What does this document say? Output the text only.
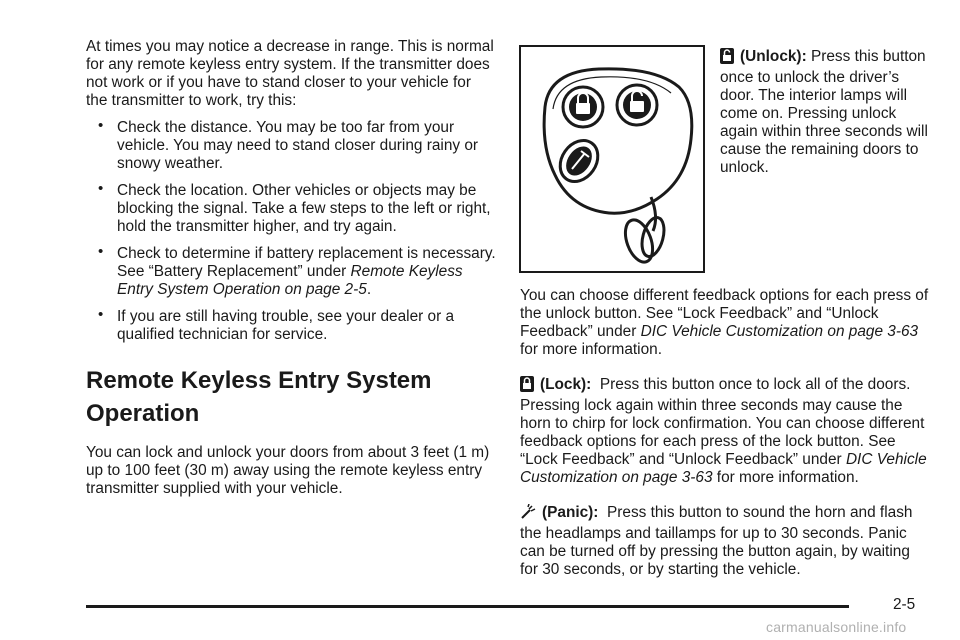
At times you may notice a decrease in range. This is normal for any remote keyless entry system. If the transmitter does not work or if you have to stand closer to your vehicle for the transmitter to work, try this:

• Check the distance. You may be too far from your vehicle. You may need to stand closer during rainy or snowy weather.
• Check the location. Other vehicles or objects may be blocking the signal. Take a few steps to the left or right, hold the transmitter higher, and try again.
• Check to determine if battery replacement is necessary. See “Battery Replacement” under Remote Keyless Entry System Operation on page 2-5.
• If you are still having trouble, see your dealer or a qualified technician for service.
Remote Keyless Entry System Operation

You can lock and unlock your doors from about 3 feet (1 m) up to 100 feet (30 m) away using the remote keyless entry transmitter supplied with your vehicle.

(Unlock): Press this button once to unlock the driver’s door. The interior lamps will come on. Pressing unlock again within three seconds will cause the remaining doors to unlock.

You can choose different feedback options for each press of the unlock button. See “Lock Feedback” and “Unlock Feedback” under DIC Vehicle Customization on page 3-63 for more information.

(Lock): Press this button once to lock all of the doors. Pressing lock again within three seconds may cause the horn to chirp for lock confirmation. You can choose different feedback options for each press of the lock button. See “Lock Feedback” and “Unlock Feedback” under DIC Vehicle Customization on page 3-63 for more information.

(Panic): Press this button to sound the horn and flash the headlamps and taillamps for up to 30 seconds. Panic can be turned off by pressing the button again, by waiting for 30 seconds, or by starting the vehicle.

2-5
carmanualsonline.info
